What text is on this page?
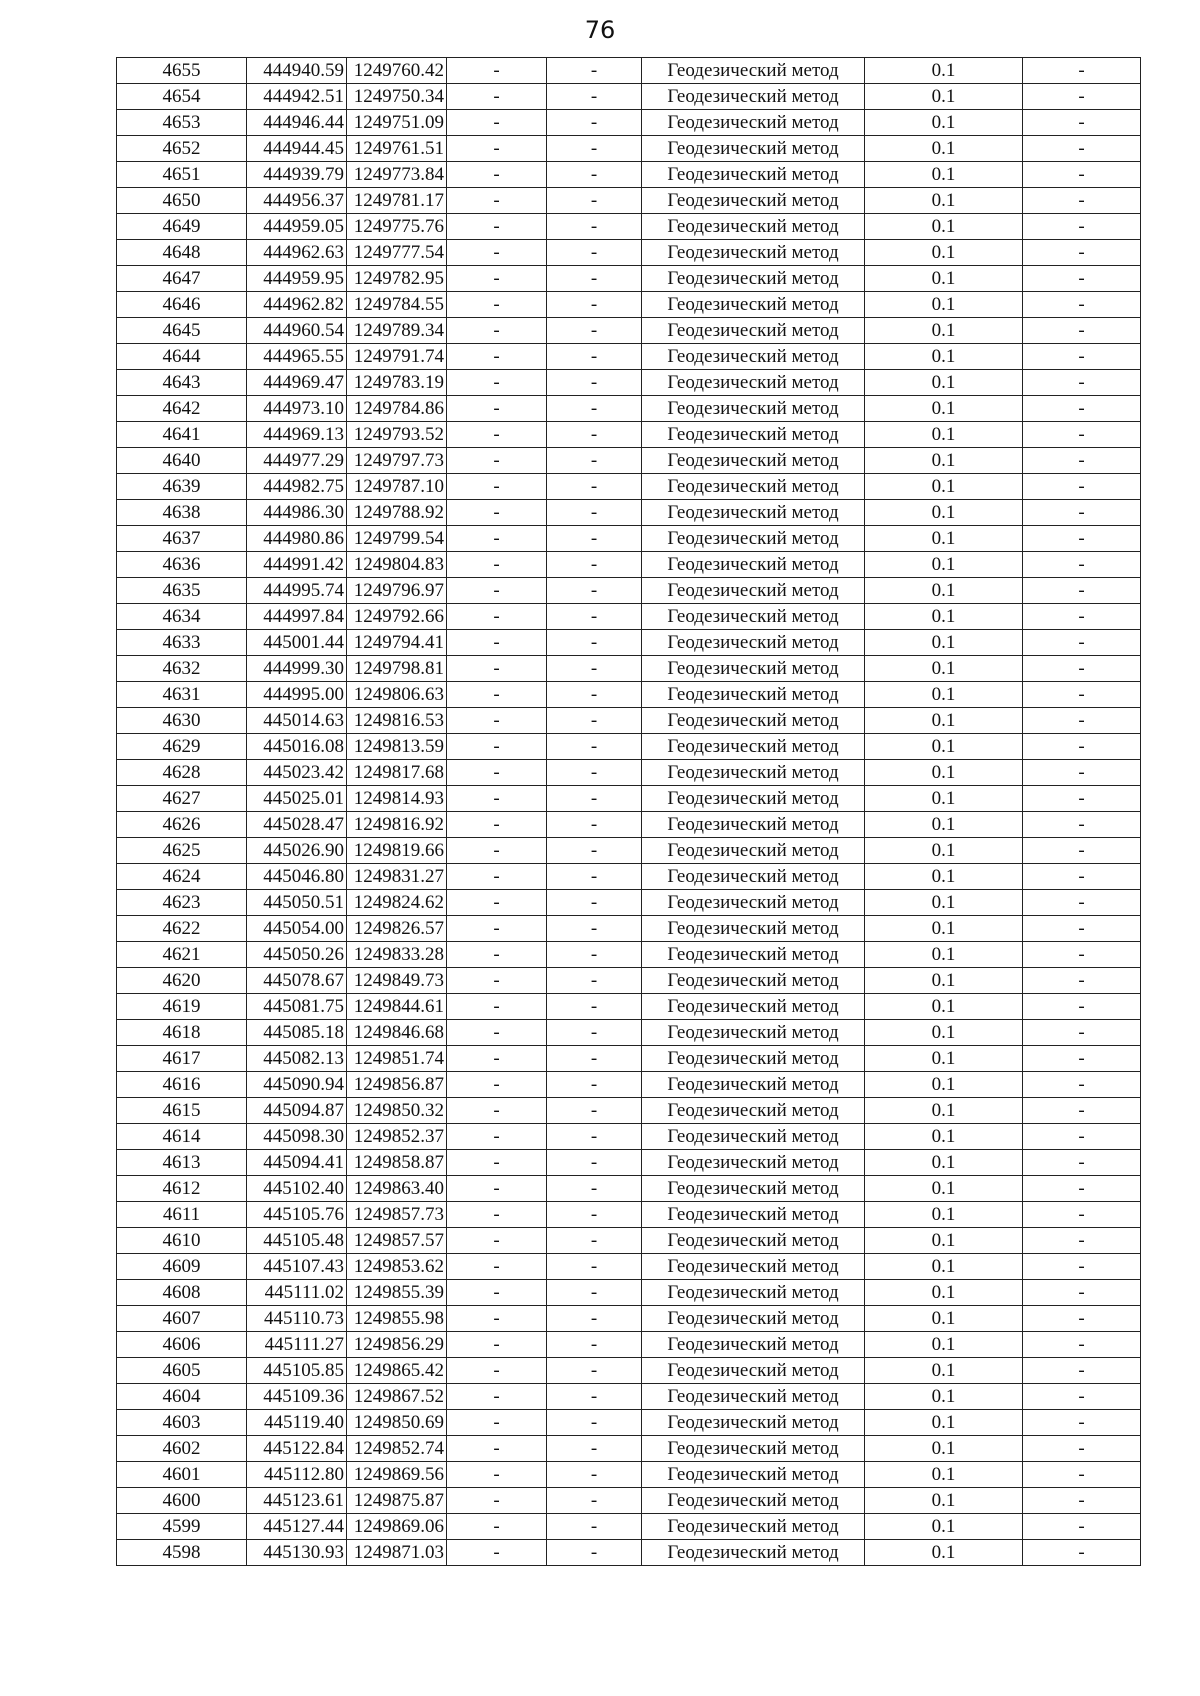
76
4655	444940.59	1249760.42	-	-	Геодезический метод	0.1	-
4654	444942.51	1249750.34	-	-	Геодезический метод	0.1	-
4653	444946.44	1249751.09	-	-	Геодезический метод	0.1	-
4652	444944.45	1249761.51	-	-	Геодезический метод	0.1	-
4651	444939.79	1249773.84	-	-	Геодезический метод	0.1	-
4650	444956.37	1249781.17	-	-	Геодезический метод	0.1	-
4649	444959.05	1249775.76	-	-	Геодезический метод	0.1	-
4648	444962.63	1249777.54	-	-	Геодезический метод	0.1	-
4647	444959.95	1249782.95	-	-	Геодезический метод	0.1	-
4646	444962.82	1249784.55	-	-	Геодезический метод	0.1	-
4645	444960.54	1249789.34	-	-	Геодезический метод	0.1	-
4644	444965.55	1249791.74	-	-	Геодезический метод	0.1	-
4643	444969.47	1249783.19	-	-	Геодезический метод	0.1	-
4642	444973.10	1249784.86	-	-	Геодезический метод	0.1	-
4641	444969.13	1249793.52	-	-	Геодезический метод	0.1	-
4640	444977.29	1249797.73	-	-	Геодезический метод	0.1	-
4639	444982.75	1249787.10	-	-	Геодезический метод	0.1	-
4638	444986.30	1249788.92	-	-	Геодезический метод	0.1	-
4637	444980.86	1249799.54	-	-	Геодезический метод	0.1	-
4636	444991.42	1249804.83	-	-	Геодезический метод	0.1	-
4635	444995.74	1249796.97	-	-	Геодезический метод	0.1	-
4634	444997.84	1249792.66	-	-	Геодезический метод	0.1	-
4633	445001.44	1249794.41	-	-	Геодезический метод	0.1	-
4632	444999.30	1249798.81	-	-	Геодезический метод	0.1	-
4631	444995.00	1249806.63	-	-	Геодезический метод	0.1	-
4630	445014.63	1249816.53	-	-	Геодезический метод	0.1	-
4629	445016.08	1249813.59	-	-	Геодезический метод	0.1	-
4628	445023.42	1249817.68	-	-	Геодезический метод	0.1	-
4627	445025.01	1249814.93	-	-	Геодезический метод	0.1	-
4626	445028.47	1249816.92	-	-	Геодезический метод	0.1	-
4625	445026.90	1249819.66	-	-	Геодезический метод	0.1	-
4624	445046.80	1249831.27	-	-	Геодезический метод	0.1	-
4623	445050.51	1249824.62	-	-	Геодезический метод	0.1	-
4622	445054.00	1249826.57	-	-	Геодезический метод	0.1	-
4621	445050.26	1249833.28	-	-	Геодезический метод	0.1	-
4620	445078.67	1249849.73	-	-	Геодезический метод	0.1	-
4619	445081.75	1249844.61	-	-	Геодезический метод	0.1	-
4618	445085.18	1249846.68	-	-	Геодезический метод	0.1	-
4617	445082.13	1249851.74	-	-	Геодезический метод	0.1	-
4616	445090.94	1249856.87	-	-	Геодезический метод	0.1	-
4615	445094.87	1249850.32	-	-	Геодезический метод	0.1	-
4614	445098.30	1249852.37	-	-	Геодезический метод	0.1	-
4613	445094.41	1249858.87	-	-	Геодезический метод	0.1	-
4612	445102.40	1249863.40	-	-	Геодезический метод	0.1	-
4611	445105.76	1249857.73	-	-	Геодезический метод	0.1	-
4610	445105.48	1249857.57	-	-	Геодезический метод	0.1	-
4609	445107.43	1249853.62	-	-	Геодезический метод	0.1	-
4608	445111.02	1249855.39	-	-	Геодезический метод	0.1	-
4607	445110.73	1249855.98	-	-	Геодезический метод	0.1	-
4606	445111.27	1249856.29	-	-	Геодезический метод	0.1	-
4605	445105.85	1249865.42	-	-	Геодезический метод	0.1	-
4604	445109.36	1249867.52	-	-	Геодезический метод	0.1	-
4603	445119.40	1249850.69	-	-	Геодезический метод	0.1	-
4602	445122.84	1249852.74	-	-	Геодезический метод	0.1	-
4601	445112.80	1249869.56	-	-	Геодезический метод	0.1	-
4600	445123.61	1249875.87	-	-	Геодезический метод	0.1	-
4599	445127.44	1249869.06	-	-	Геодезический метод	0.1	-
4598	445130.93	1249871.03	-	-	Геодезический метод	0.1	-
